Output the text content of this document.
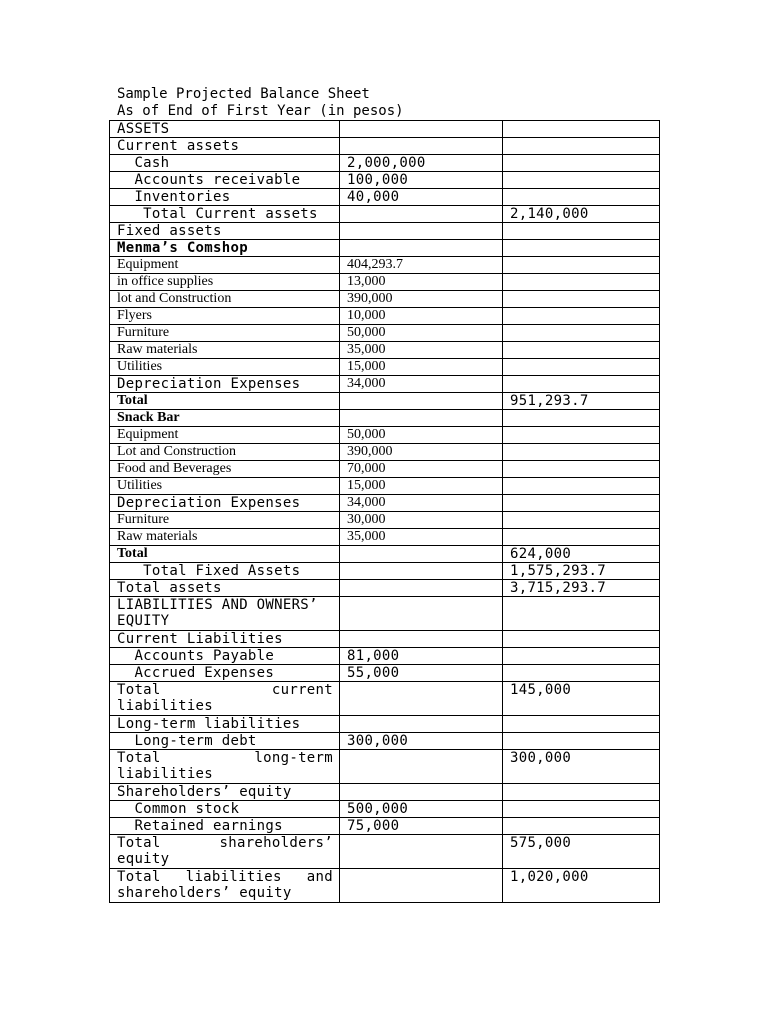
Sample Projected Balance Sheet
As of End of First Year (in pesos)
ASSETS		
Current assets		
Cash	2,000,000	
Accounts receivable	100,000	
Inventories	40,000	
Total Current assets		2,140,000
Fixed assets		
Menma’s Comshop		
Equipment	404,293.7	
in office supplies	13,000	
lot and Construction	390,000	
Flyers	10,000	
Furniture	50,000	
Raw materials	35,000	
Utilities	15,000	
Depreciation Expenses	34,000	
Total		951,293.7
Snack Bar		
Equipment	50,000	
Lot and Construction	390,000	
Food and Beverages	70,000	
Utilities	15,000	
Depreciation Expenses	34,000	
Furniture	30,000	
Raw materials	35,000	
Total		624,000
Total Fixed Assets		1,575,293.7
Total assets		3,715,293.7
LIABILITIES AND OWNERS’ EQUITY		
Current Liabilities		
Accounts Payable	81,000	
Accrued Expenses	55,000	
Total current liabilities		145,000
Long-term liabilities		
Long-term debt	300,000	
Total long-term liabilities		300,000
Shareholders’ equity		
Common stock	500,000	
Retained earnings	75,000	
Total shareholders’ equity		575,000
Total liabilities and shareholders’ equity		1,020,000
